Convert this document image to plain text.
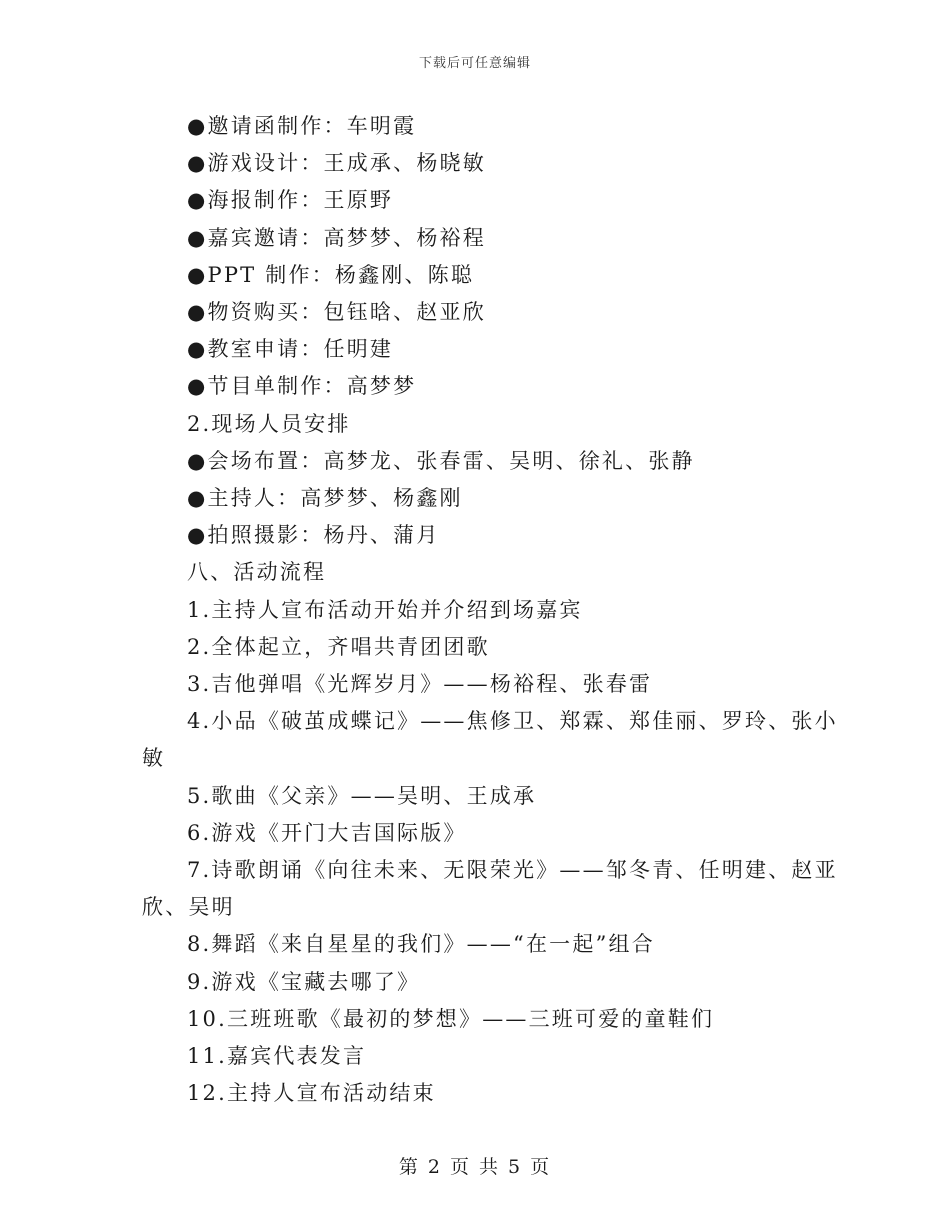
下载后可任意编辑
●邀请函制作：车明霞
●游戏设计：王成承、杨晓敏
●海报制作：王原野
●嘉宾邀请：高梦梦、杨裕程
●PPT 制作：杨鑫刚、陈聪
●物资购买：包钰晗、赵亚欣
●教室申请：任明建
●节目单制作：高梦梦
2.现场人员安排
●会场布置：高梦龙、张春雷、吴明、徐礼、张静
●主持人：高梦梦、杨鑫刚
●拍照摄影：杨丹、蒲月
八、活动流程
1.主持人宣布活动开始并介绍到场嘉宾
2.全体起立，齐唱共青团团歌
3.吉他弹唱《光辉岁月》——杨裕程、张春雷
4.小品《破茧成蝶记》——焦修卫、郑霖、郑佳丽、罗玲、张小
敏
5.歌曲《父亲》——吴明、王成承
6.游戏《开门大吉国际版》
7.诗歌朗诵《向往未来、无限荣光》——邹冬青、任明建、赵亚
欣、吴明
8.舞蹈《来自星星的我们》——“在一起”组合
9.游戏《宝藏去哪了》
10.三班班歌《最初的梦想》——三班可爱的童鞋们
11.嘉宾代表发言
12.主持人宣布活动结束
第 2 页 共 5 页
